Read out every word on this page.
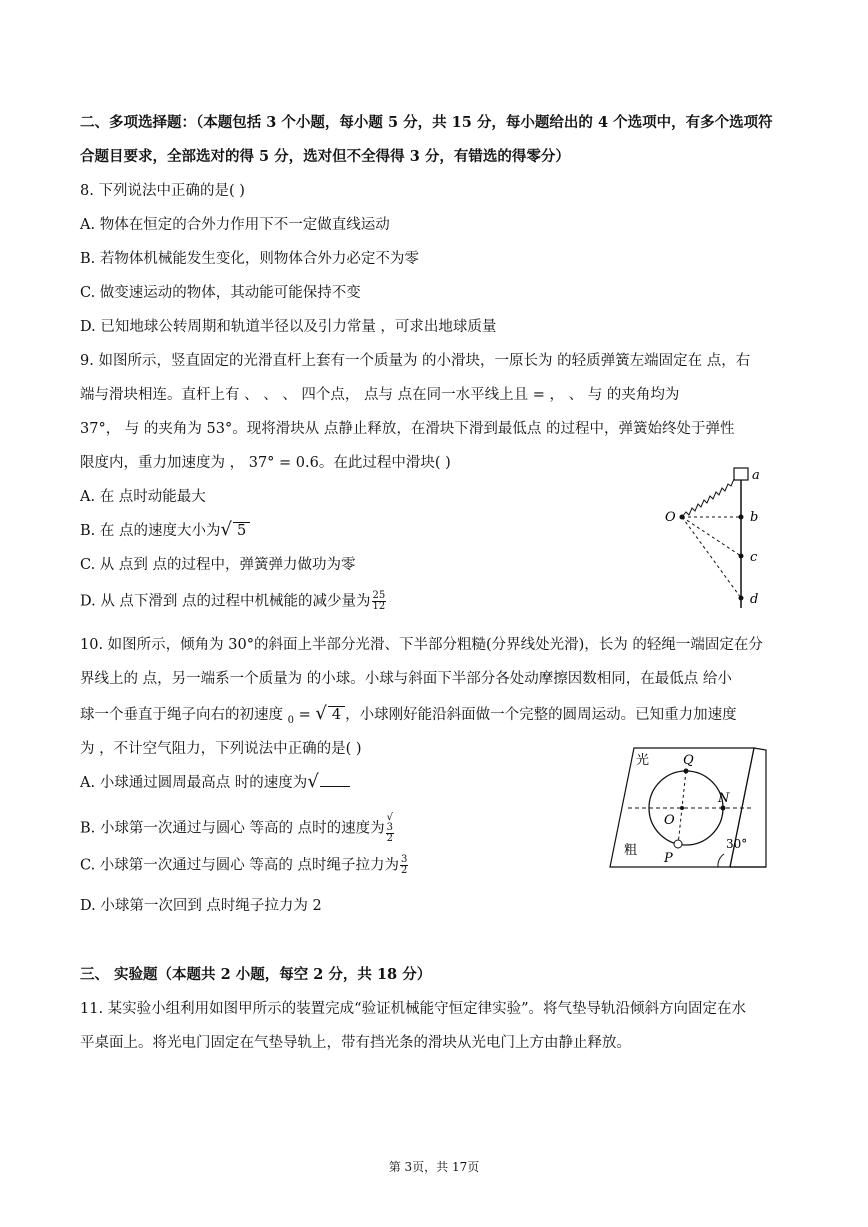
二、多项选择题：（本题包括 3 个小题，每小题 5 分，共 15 分，每小题给出的 4 个选项中，有多个选项符
合题目要求，全部选对的得 5 分，选对但不全得得 3 分，有错选的得零分）
8. 下列说法中正确的是( )
A. 物体在恒定的合外力作用下不一定做直线运动
B. 若物体机械能发生变化，则物体合外力必定不为零
C. 做变速运动的物体，其动能可能保持不变
D. 已知地球公转周期和轨道半径以及引力常量 ，可求出地球质量
9. 如图所示，竖直固定的光滑直杆上套有一个质量为 的小滑块，一原长为 的轻质弹簧左端固定在 点，右
端与滑块相连。直杆上有 、 、 、 四个点， 点与 点在同一水平线上且 = ， 、 与 的夹角均为
37°， 与 的夹角为 53°。现将滑块从 点静止释放，在滑块下滑到最低点 的过程中，弹簧始终处于弹性
限度内，重力加速度为 ， 37° = 0.6。在此过程中滑块( )
A. 在 点时动能最大
B. 在 点的速度大小为√ 5
C. 从 点到 点的过程中，弹簧弹力做功为零
D. 从 点下滑到 点的过程中机械能的减少量为 $\frac{25}{12}$
a
b
c
d
O
10. 如图所示，倾角为 30°的斜面上半部分光滑、下半部分粗糙(分界线处光滑)，长为 的轻绳一端固定在分
界线上的 点，另一端系一个质量为 的小球。小球与斜面下半部分各处动摩擦因数相同，在最低点 给小
球一个垂直于绳子向右的初速度 $_0$ = √ 4 ，小球刚好能沿斜面做一个完整的圆周运动。已知重力加速度
为 ，不计空气阻力，下列说法中正确的是( )
A. 小球通过圆周最高点 时的速度为√
B. 小球第一次通过与圆心 等高的 点时的速度为 √
3
2
C. 小球第一次通过与圆心 等高的 点时绳子拉力为 $\frac{3}{2}$
D. 小球第一次回到 点时绳子拉力为 2
光
粗
Q
N
O
P
30°
三、 实验题（本题共 2 小题，每空 2 分，共 18 分）
11. 某实验小组利用如图甲所示的装置完成“验证机械能守恒定律实验”。将气垫导轨沿倾斜方向固定在水
平桌面上。将光电门固定在气垫导轨上，带有挡光条的滑块从光电门上方由静止释放。
第 3页，共 17页
